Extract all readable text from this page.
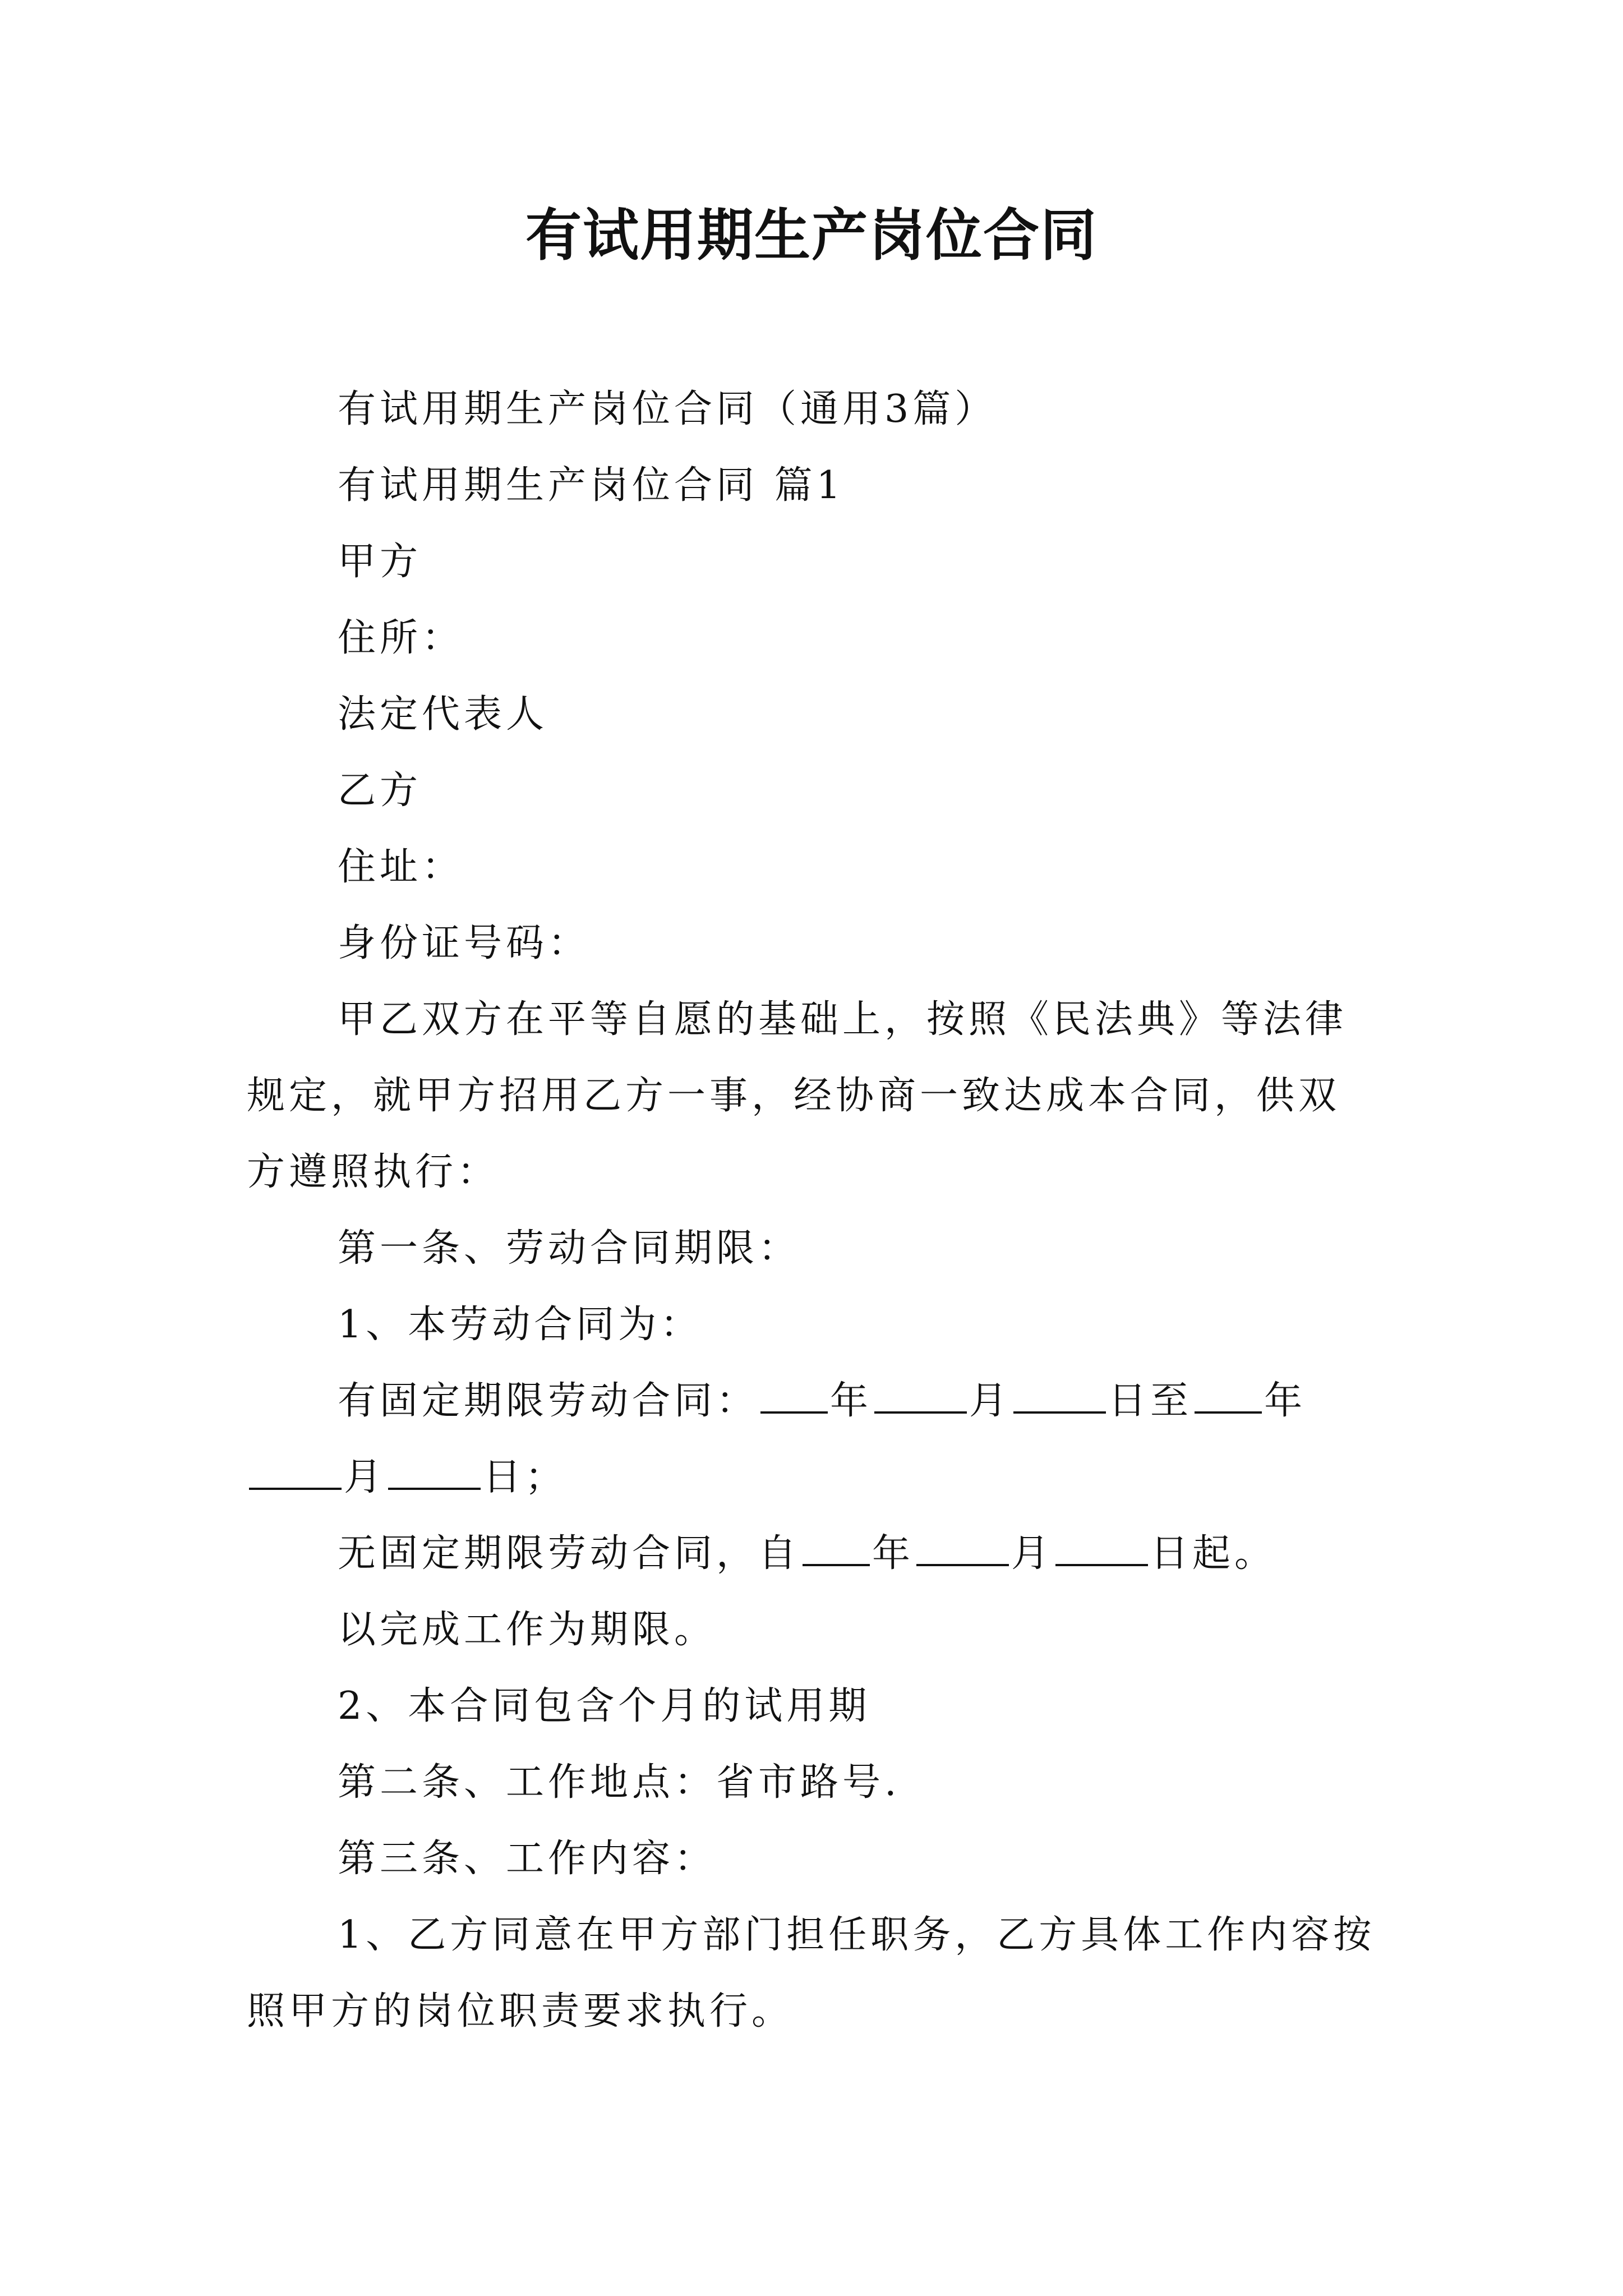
有试用期生产岗位合同

有试用期生产岗位合同（通用3篇）

有试用期生产岗位合同 篇1

甲方

住所：

法定代表人

乙方

住址：

身份证号码：

甲乙双方在平等自愿的基础上，按照《民法典》等法律规定，就甲方招用乙方一事，经协商一致达成本合同，供双方遵照执行：

第一条、劳动合同期限：

1、本劳动合同为：

有固定期限劳动合同： 年	月	日至 年月	日；

无固定期限劳动合同，自 年	月	日起。

以完成工作为期限。

2、本合同包含个月的试用期

第二条、工作地点：省市路号.

第三条、工作内容：

1、乙方同意在甲方部门担任职务，乙方具体工作内容按照甲方的岗位职责要求执行。
